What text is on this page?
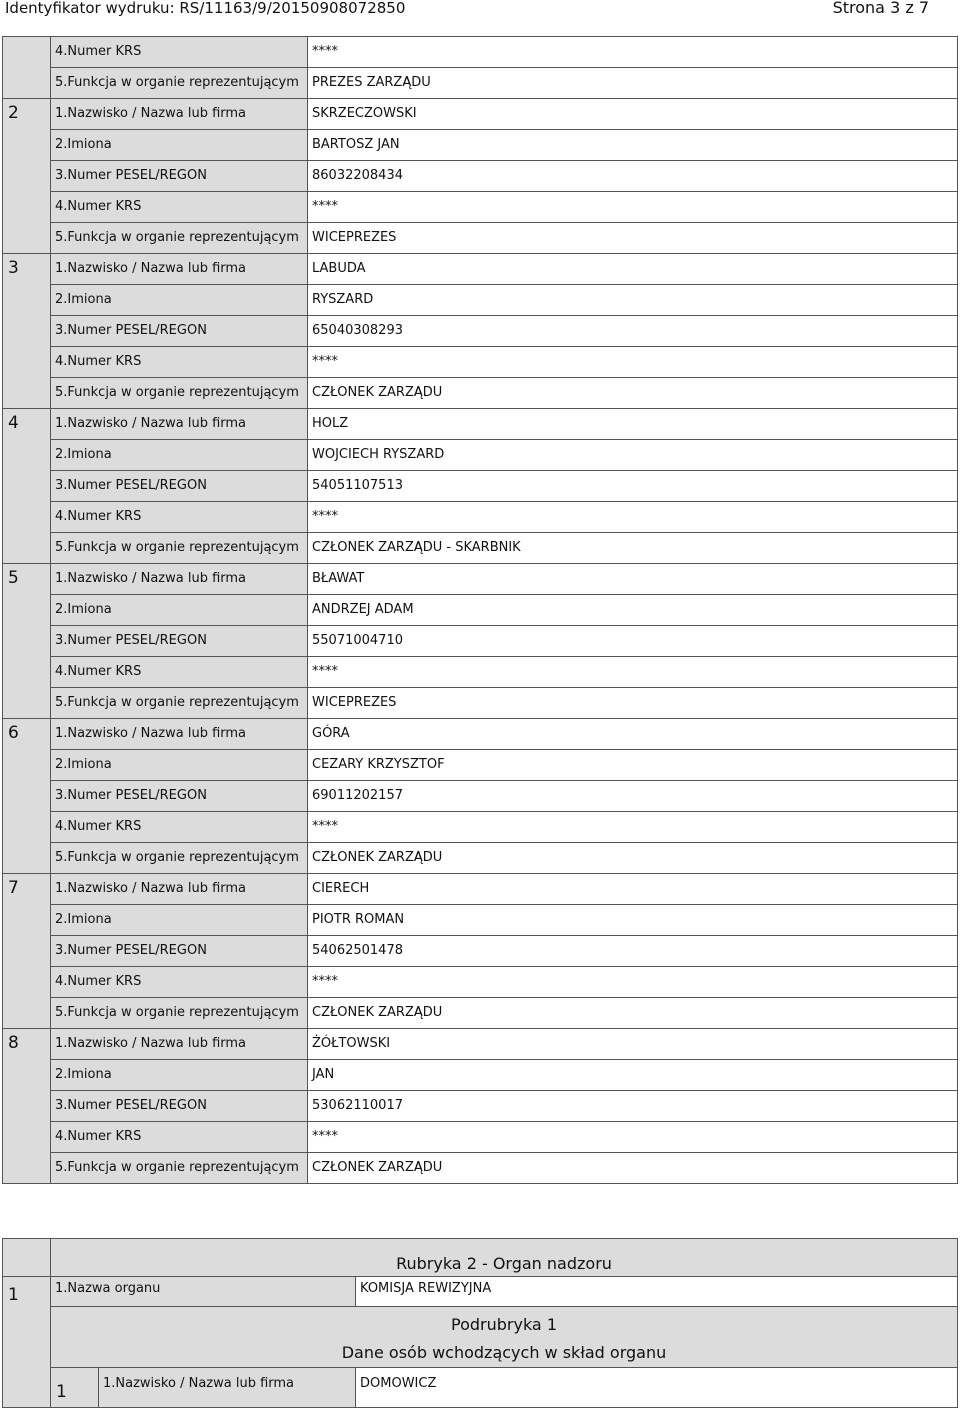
Identyfikator wydruku: RS/11163/9/20150908072850	Strona 3 z 7
	4.Numer KRS	****
	5.Funkcja w organie reprezentującym	PREZES ZARZĄDU

2	1.Nazwisko / Nazwa lub firma	SKRZECZOWSKI
	2.Imiona	BARTOSZ JAN
	3.Numer PESEL/REGON	86032208434
	4.Numer KRS	****
	5.Funkcja w organie reprezentującym	WICEPREZES

3	1.Nazwisko / Nazwa lub firma	LABUDA
	2.Imiona	RYSZARD
	3.Numer PESEL/REGON	65040308293
	4.Numer KRS	****
	5.Funkcja w organie reprezentującym	CZŁONEK ZARZĄDU

4	1.Nazwisko / Nazwa lub firma	HOLZ
	2.Imiona	WOJCIECH RYSZARD
	3.Numer PESEL/REGON	54051107513
	4.Numer KRS	****
	5.Funkcja w organie reprezentującym	CZŁONEK ZARZĄDU - SKARBNIK

5	1.Nazwisko / Nazwa lub firma	BŁAWAT
	2.Imiona	ANDRZEJ ADAM
	3.Numer PESEL/REGON	55071004710
	4.Numer KRS	****
	5.Funkcja w organie reprezentującym	WICEPREZES

6	1.Nazwisko / Nazwa lub firma	GÓRA
	2.Imiona	CEZARY KRZYSZTOF
	3.Numer PESEL/REGON	69011202157
	4.Numer KRS	****
	5.Funkcja w organie reprezentującym	CZŁONEK ZARZĄDU

7	1.Nazwisko / Nazwa lub firma	CIERECH
	2.Imiona	PIOTR ROMAN
	3.Numer PESEL/REGON	54062501478
	4.Numer KRS	****
	5.Funkcja w organie reprezentującym	CZŁONEK ZARZĄDU

8	1.Nazwisko / Nazwa lub firma	ŻÓŁTOWSKI
	2.Imiona	JAN
	3.Numer PESEL/REGON	53062110017
	4.Numer KRS	****
	5.Funkcja w organie reprezentującym	CZŁONEK ZARZĄDU
	Rubryka 2 - Organ nadzoru		
1	1.Nazwa organu		KOMISJA REWIZYJNA

	Podrubryka 1
Dane osób wchodzących w skład organu		

	1	1.Nazwisko / Nazwa lub firma	DOMOWICZ
